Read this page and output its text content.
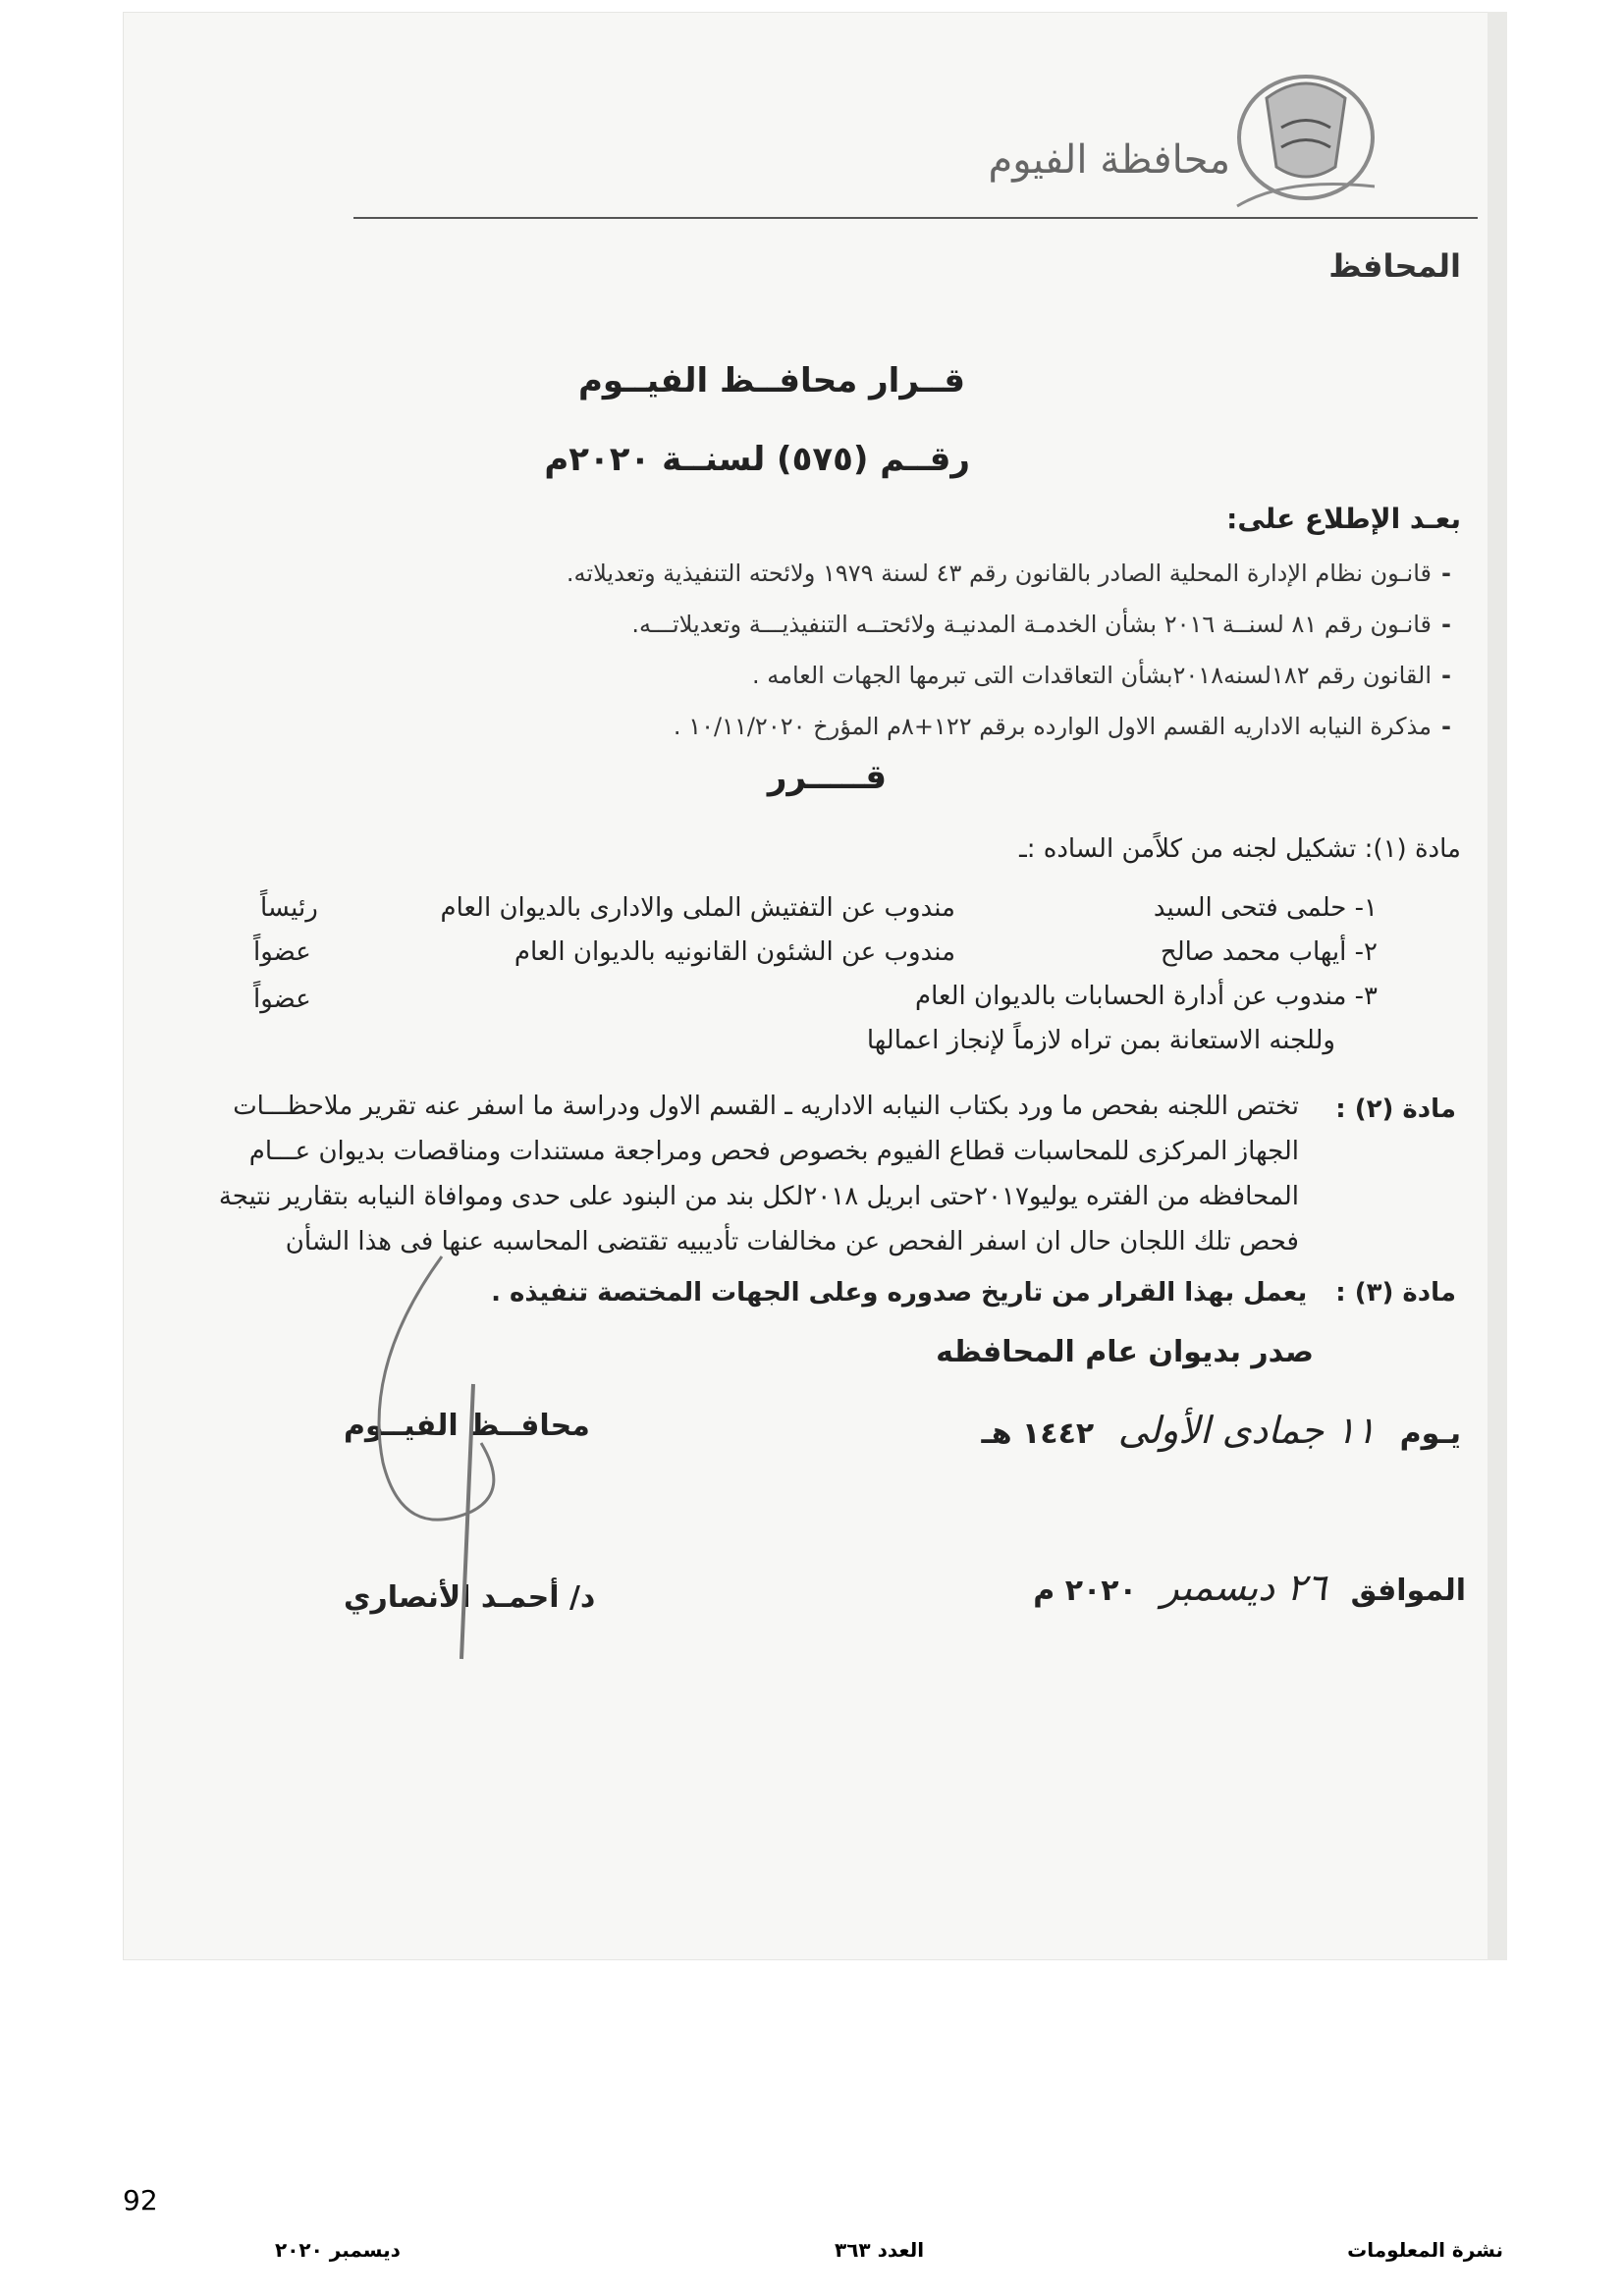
محافظة الفيوم
المحافظ
قــرار محافــظ الفيــوم
رقــم (٥٧٥) لسنــة ٢٠٢٠م
بعـد الإطلاع على:
-قانـون نظام الإدارة المحلية الصادر بالقانون رقم ٤٣ لسنة ١٩٧٩ ولائحته التنفيذية وتعديلاته.
-قانـون رقم ٨١ لسنــة ٢٠١٦ بشأن الخدمـة المدنيـة ولائحتــه التنفيذيـــة وتعديلاتـــه.
-القانون رقم ١٨٢لسنه٢٠١٨بشأن التعاقدات التى تبرمها الجهات العامه .
-مذكرة النيابه الاداريه القسم الاول الوارده برقم ١٢٢+٨م المؤرخ ١٠/١١/٢٠٢٠ .
قـــــرر
مادة (١): تشكيل لجنه من كلاًمن الساده :ـ
١- حلمى فتحى السيد
مندوب عن التفتيش الملى والادارى بالديوان العام
رئيساً
٢- أيهاب محمد صالح
مندوب عن الشئون القانونيه بالديوان العام
عضواً
٣- مندوب عن أدارة الحسابات بالديوان العام
عضواً
وللجنه الاستعانة بمن تراه لازماً لإنجاز اعمالها
مادة (٢) :
تختص اللجنه بفحص ما ورد بكتاب النيابه الاداريه ـ القسم الاول ودراسة ما اسفر عنه تقرير ملاحظـــات
الجهاز المركزى للمحاسبات قطاع الفيوم بخصوص فحص ومراجعة مستندات ومناقصات بديوان عـــام
المحافظه من الفتره يوليو٢٠١٧حتى ابريل ٢٠١٨لكل بند من البنود على حدى وموافاة النيابه بتقارير نتيجة
فحص تلك اللجان حال ان اسفر الفحص عن مخالفات تأديبيه تقتضى المحاسبه عنها فى هذا الشأن
مادة (٣) : يعمل بهذا القرار من تاريخ صدوره وعلى الجهات المختصة تنفيذه .
صدر بديوان عام المحافظه
يـوم ١١ جمادى الأولى ١٤٤٢ هـ
الموافق ٢٦ ديسمبر ٢٠٢٠ م
محافــظ الفيــوم
د/ أحمـد الأنصاري
92
نشرة المعلومات
العدد ٣٦٣
ديسمبر ٢٠٢٠
